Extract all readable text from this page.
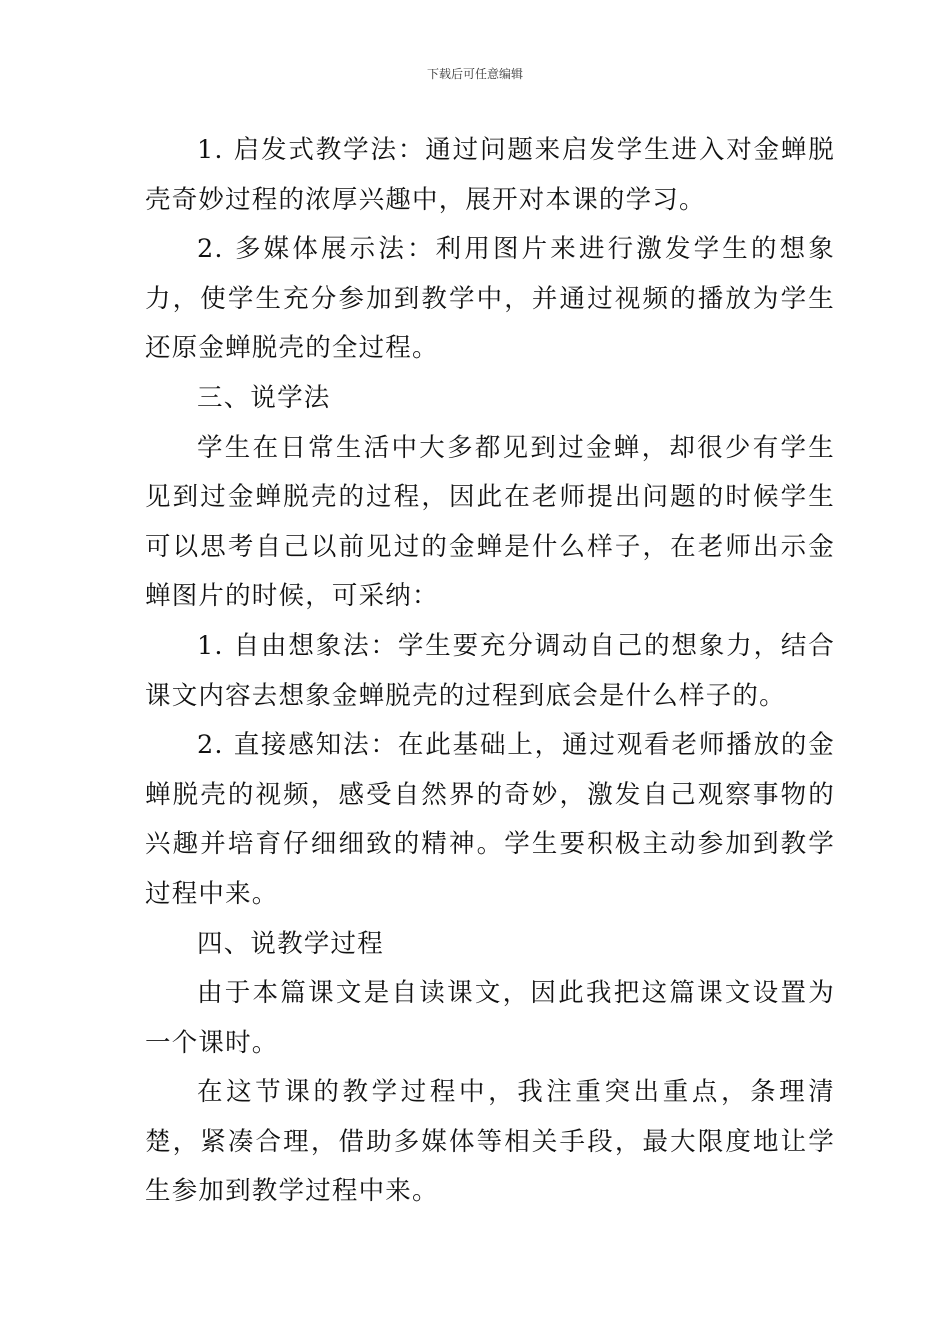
下载后可任意编辑

1. 启发式教学法：通过问题来启发学生进入对金蝉脱壳奇妙过程的浓厚兴趣中，展开对本课的学习。

2. 多媒体展示法：利用图片来进行激发学生的想象力，使学生充分参加到教学中，并通过视频的播放为学生还原金蝉脱壳的全过程。

三、说学法

学生在日常生活中大多都见到过金蝉，却很少有学生见到过金蝉脱壳的过程，因此在老师提出问题的时候学生可以思考自己以前见过的金蝉是什么样子，在老师出示金蝉图片的时候，可采纳：

1. 自由想象法：学生要充分调动自己的想象力，结合课文内容去想象金蝉脱壳的过程到底会是什么样子的。

2. 直接感知法：在此基础上，通过观看老师播放的金蝉脱壳的视频，感受自然界的奇妙，激发自己观察事物的兴趣并培育仔细细致的精神。学生要积极主动参加到教学过程中来。

四、说教学过程

由于本篇课文是自读课文，因此我把这篇课文设置为一个课时。

在这节课的教学过程中，我注重突出重点，条理清楚，紧凑合理，借助多媒体等相关手段，最大限度地让学生参加到教学过程中来。
